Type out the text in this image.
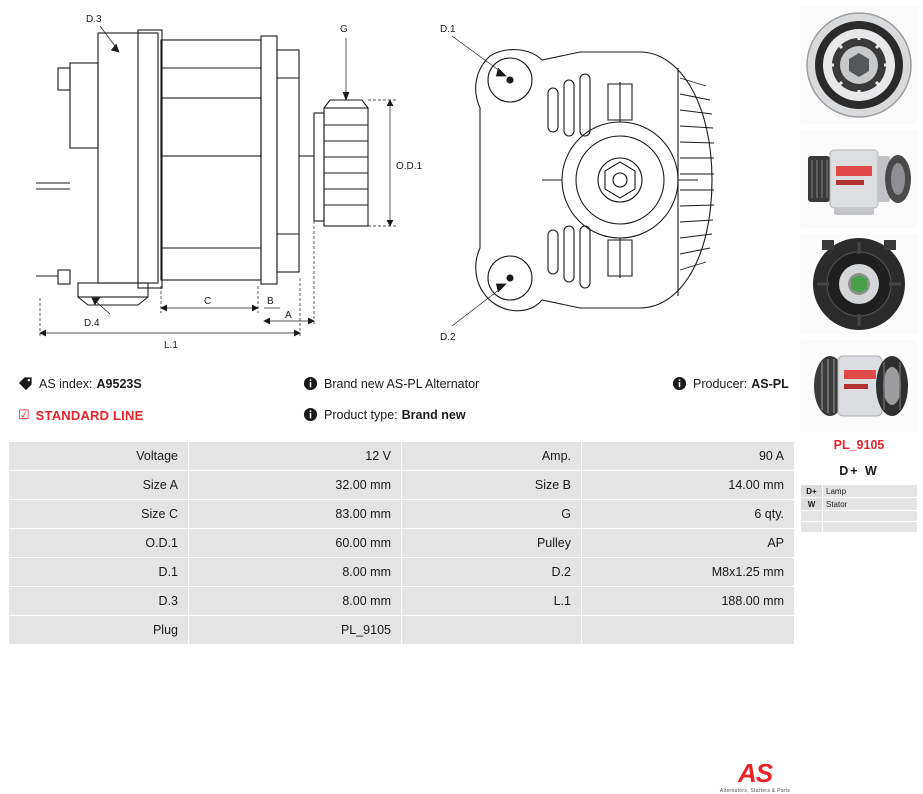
D.3
G
O.D.1
D.4
C	B
A
L.1
D.1
D.2
AS index: A9523S
☑ STANDARD LINE
Brand new AS-PL Alternator
Product type: Brand new
Producer: AS-PL
AS
Alternators, Starters & Parts
Voltage	12 V	Amp.	90 A
Size A	32.00 mm	Size B	14.00 mm
Size C	83.00 mm	G	6 qty.
O.D.1	60.00 mm	Pulley	AP
D.1	8.00 mm	D.2	M8x1.25 mm
D.3	8.00 mm	L.1	188.00 mm
Plug	PL_9105		
PL_9105
D+ W
D+	Lamp
W	Stator
